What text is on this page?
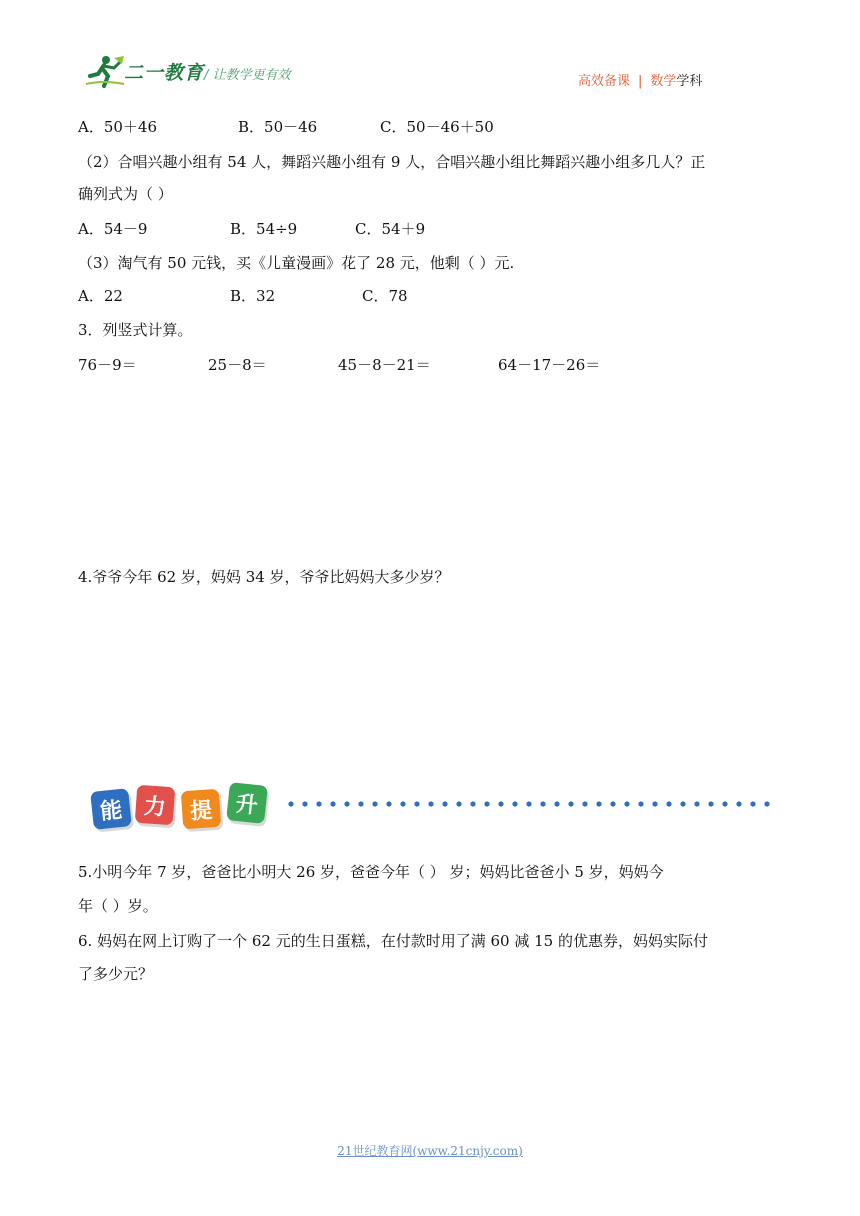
二一教育 / 让教学更有效	高效备课 | 数学学科
A．50＋46	B．50－46	C．50－46＋50
（2）合唱兴趣小组有 54 人，舞蹈兴趣小组有 9 人，合唱兴趣小组比舞蹈兴趣小组多几人？正
确列式为（ ）
A．54－9	B．54÷9	C．54＋9
（3）淘气有 50 元钱，买《儿童漫画》花了 28 元，他剩（ ）元.
A．22	B．32	C．78
3．列竖式计算。
76－9＝	25－8＝	45－8－21＝	64－17－26＝
4.爷爷今年 62 岁，妈妈 34 岁，爷爷比妈妈大多少岁？
能 力	提 升
5.小明今年 7 岁，爸爸比小明大 26 岁，爸爸今年（ ） 岁；妈妈比爸爸小 5 岁，妈妈今
年（ ）岁。
6. 妈妈在网上订购了一个 62 元的生日蛋糕，在付款时用了满 60 减 15 的优惠券，妈妈实际付
了多少元？
21世纪教育网(www.21cnjy.com)
